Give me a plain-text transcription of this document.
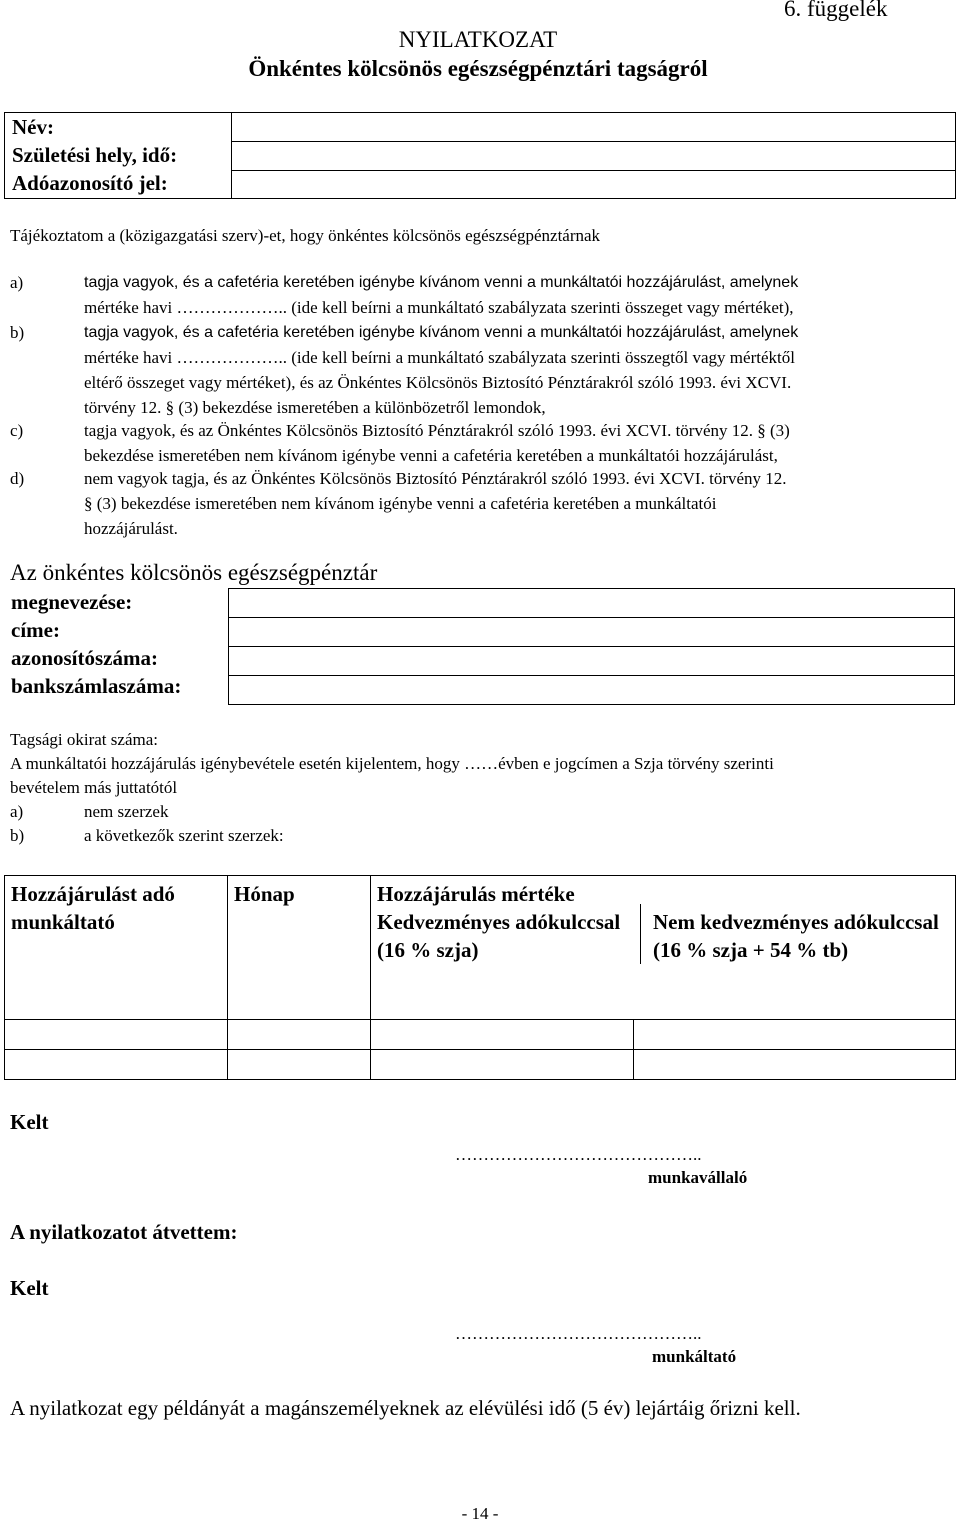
6. függelék
NYILATKOZAT
Önkéntes kölcsönös egészségpénztári tagságról
Név:
Születési hely, idő:
Adóazonosító jel:

Tájékoztatom a (közigazgatási szerv)-et, hogy önkéntes kölcsönös egészségpénztárnak
a)	tagja vagyok, és a cafetéria keretében igénybe kívánom venni a munkáltatói hozzájárulást, amelynek
mértéke havi ……………….. (ide kell beírni a munkáltató szabályzata szerinti összeget vagy mértéket),
b)	tagja vagyok, és a cafetéria keretében igénybe kívánom venni a munkáltatói hozzájárulást, amelynek
mértéke havi ……………….. (ide kell beírni a munkáltató szabályzata szerinti összegtől vagy mértéktől
eltérő összeget vagy mértéket), és az Önkéntes Kölcsönös Biztosító Pénztárakról szóló 1993. évi XCVI.
törvény 12. § (3) bekezdése ismeretében a különbözetről lemondok,
c)	tagja vagyok, és az Önkéntes Kölcsönös Biztosító Pénztárakról szóló 1993. évi XCVI. törvény 12. § (3)
bekezdése ismeretében nem kívánom igénybe venni a cafetéria keretében a munkáltatói hozzájárulást,
d)	nem vagyok tagja, és az Önkéntes Kölcsönös Biztosító Pénztárakról szóló 1993. évi XCVI. törvény 12.
§ (3) bekezdése ismeretében nem kívánom igénybe venni a cafetéria keretében a munkáltatói
hozzájárulást.
Az önkéntes kölcsönös egészségpénztár
megnevezése:
címe:
azonosítószáma:
bankszámlaszáma:

Tagsági okirat száma:
A munkáltatói hozzájárulás igénybevétele esetén kijelentem, hogy ……évben e jogcímen a Szja törvény szerinti
bevételem más juttatótól
a)	nem szerzek
b)	a következők szerint szerzek:
Hozzájárulást adó munkáltató	Hónap	Hozzájárulás mértéke
Kedvezményes adókulccsal (16 % szja)
Nem kedvezményes adókulccsal (16 % szja + 54 % tb)	

Kelt
……………………………………..
munkavállaló
A nyilatkozatot átvettem:
Kelt
……………………………………..
munkáltató
A nyilatkozat egy példányát a magánszemélyeknek az elévülési idő (5 év) lejártáig őrizni kell.
- 14 -
